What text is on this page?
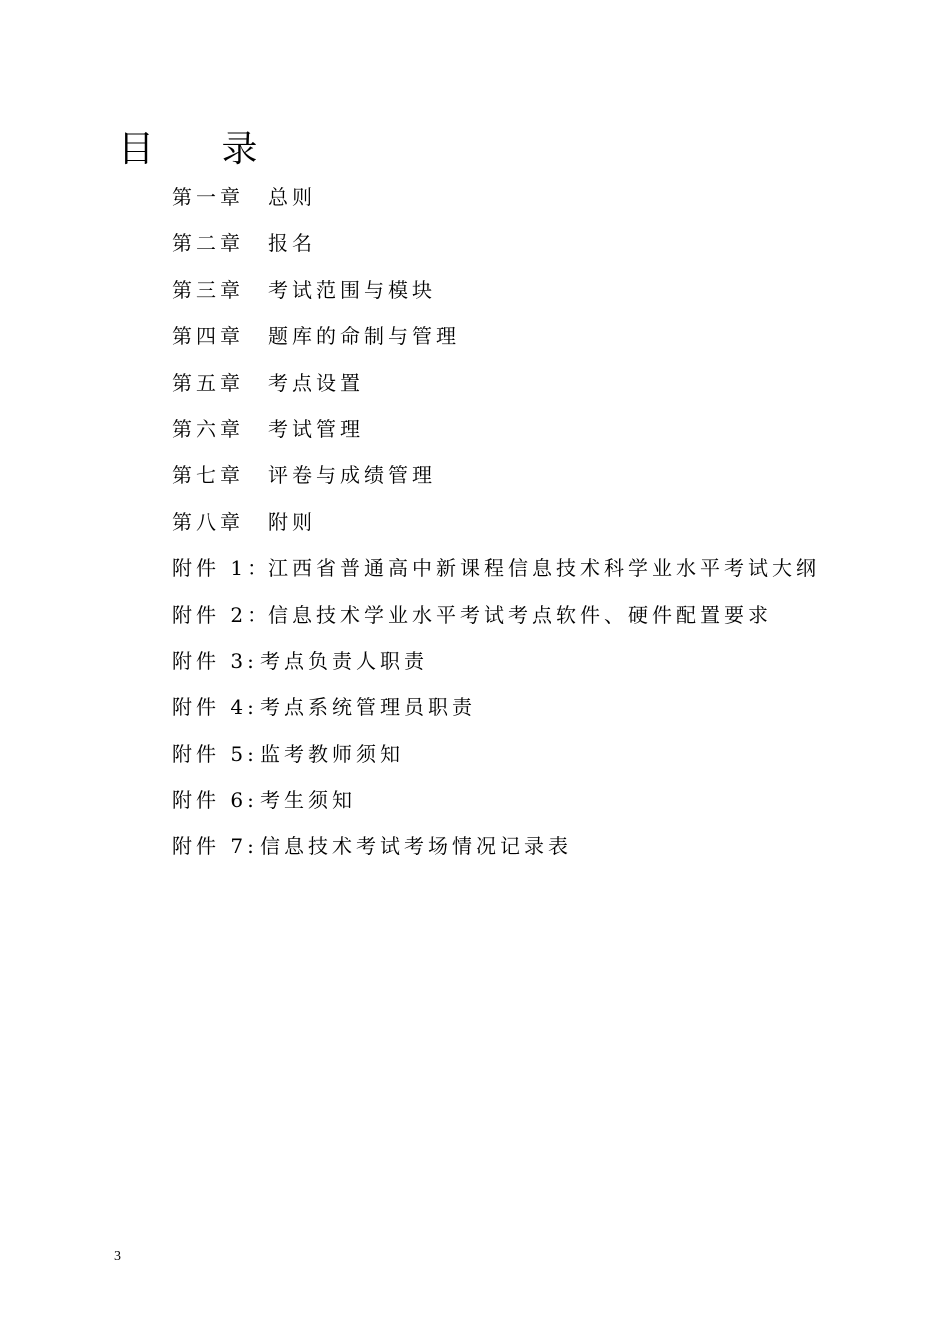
目 录
第一章 总则
第二章 报名
第三章 考试范围与模块
第四章 题库的命制与管理
第五章 考点设置
第六章 考试管理
第七章 评卷与成绩管理
第八章 附则
附件 1：江西省普通高中新课程信息技术科学业水平考试大纲
附件 2：信息技术学业水平考试考点软件、硬件配置要求
附件 3: 考点负责人职责
附件 4: 考点系统管理员职责
附件 5: 监考教师须知
附件 6: 考生须知
附件 7: 信息技术考试考场情况记录表
3
